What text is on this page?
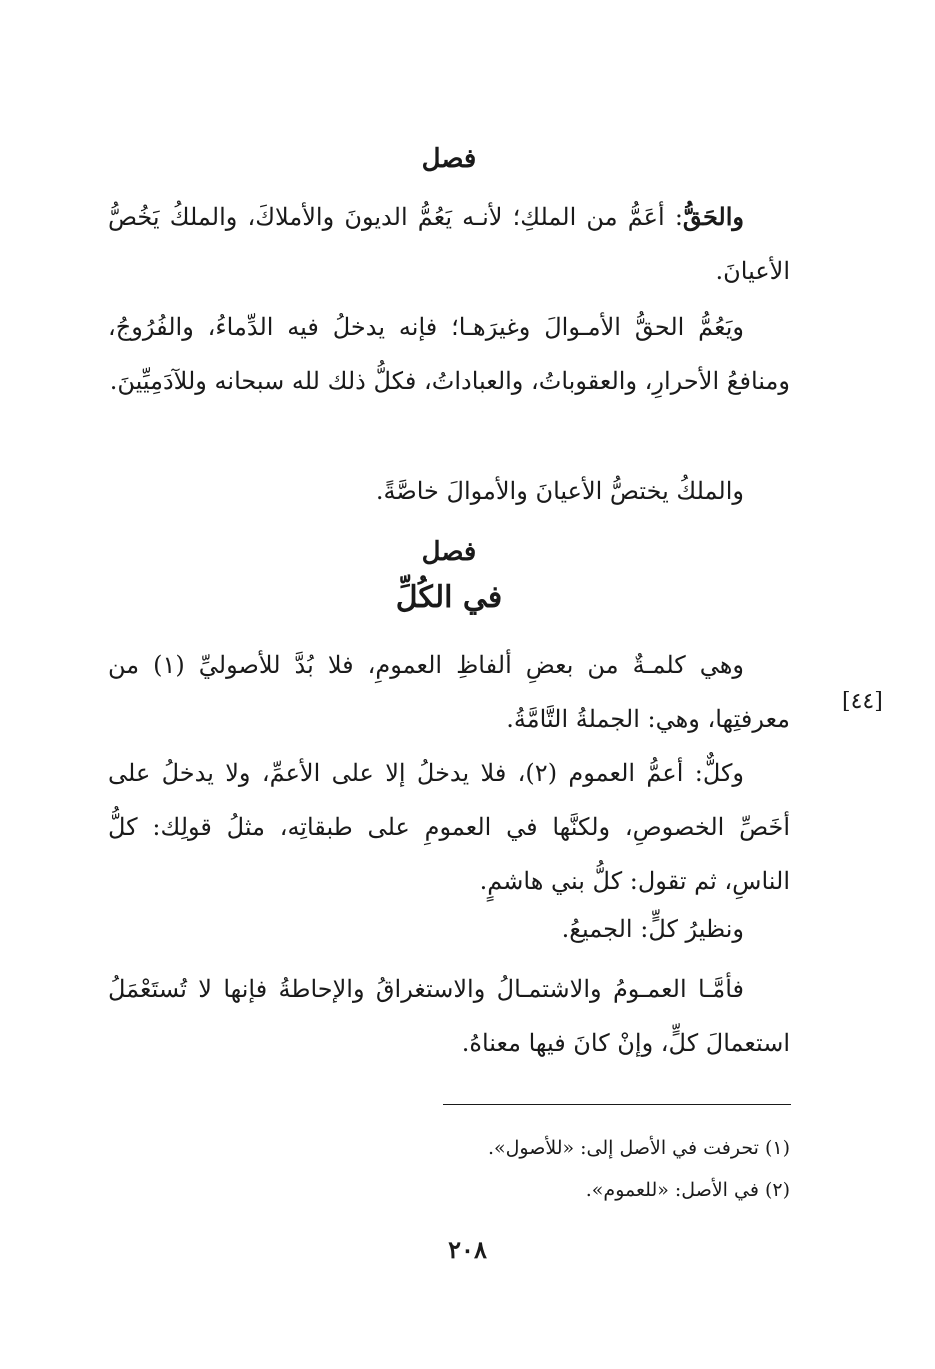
فصل

والحَقُّ: أعَمُّ من الملكِ؛ لأنـه يَعُمُّ الديونَ والأملاكَ، والملكُ يَخُصُّ الأعيانَ.

ويَعُمُّ الحقُّ الأمـوالَ وغيرَهـا؛ فإنه يدخلُ فيه الدِّماءُ، والفُرُوجُ، ومنافعُ الأحرارِ، والعقوباتُ، والعباداتُ، فكلُّ ذلك لله سبحانه وللآدَمِيِّينَ.

والملكُ يختصُّ الأعيانَ والأموالَ خاصَّةً.

فصل
في الكُلِّ

وهي كلمـةٌ من بعضِ ألفاظِ العمومِ، فلا بُدَّ للأصوليِّ (١) من معرفتِها، وهي: الجملةُ التَّامَّةُ.

[٤٤]

وكلٌّ: أعمُّ العموم (٢)، فلا يدخلُ إلا على الأعمِّ، ولا يدخلُ على أخَصِّ الخصوصِ، ولكنَّها في العمومِ على طبقاتِه، مثلُ قولِك: كلُّ الناسِ، ثم تقول: كلُّ بني هاشمٍ.

ونظيرُ كلٍّ: الجميعُ.

فأمَّـا العمـومُ والاشتمـالُ والاستغراقُ والإحاطةُ فإنها لا تُستَعْمَلُ استعمالَ كلٍّ، وإنْ كانَ فيها معناهُ.

(١) تحرفت في الأصل إلى: «للأصول».

(٢) في الأصل: «للعموم».

٢٠٨
